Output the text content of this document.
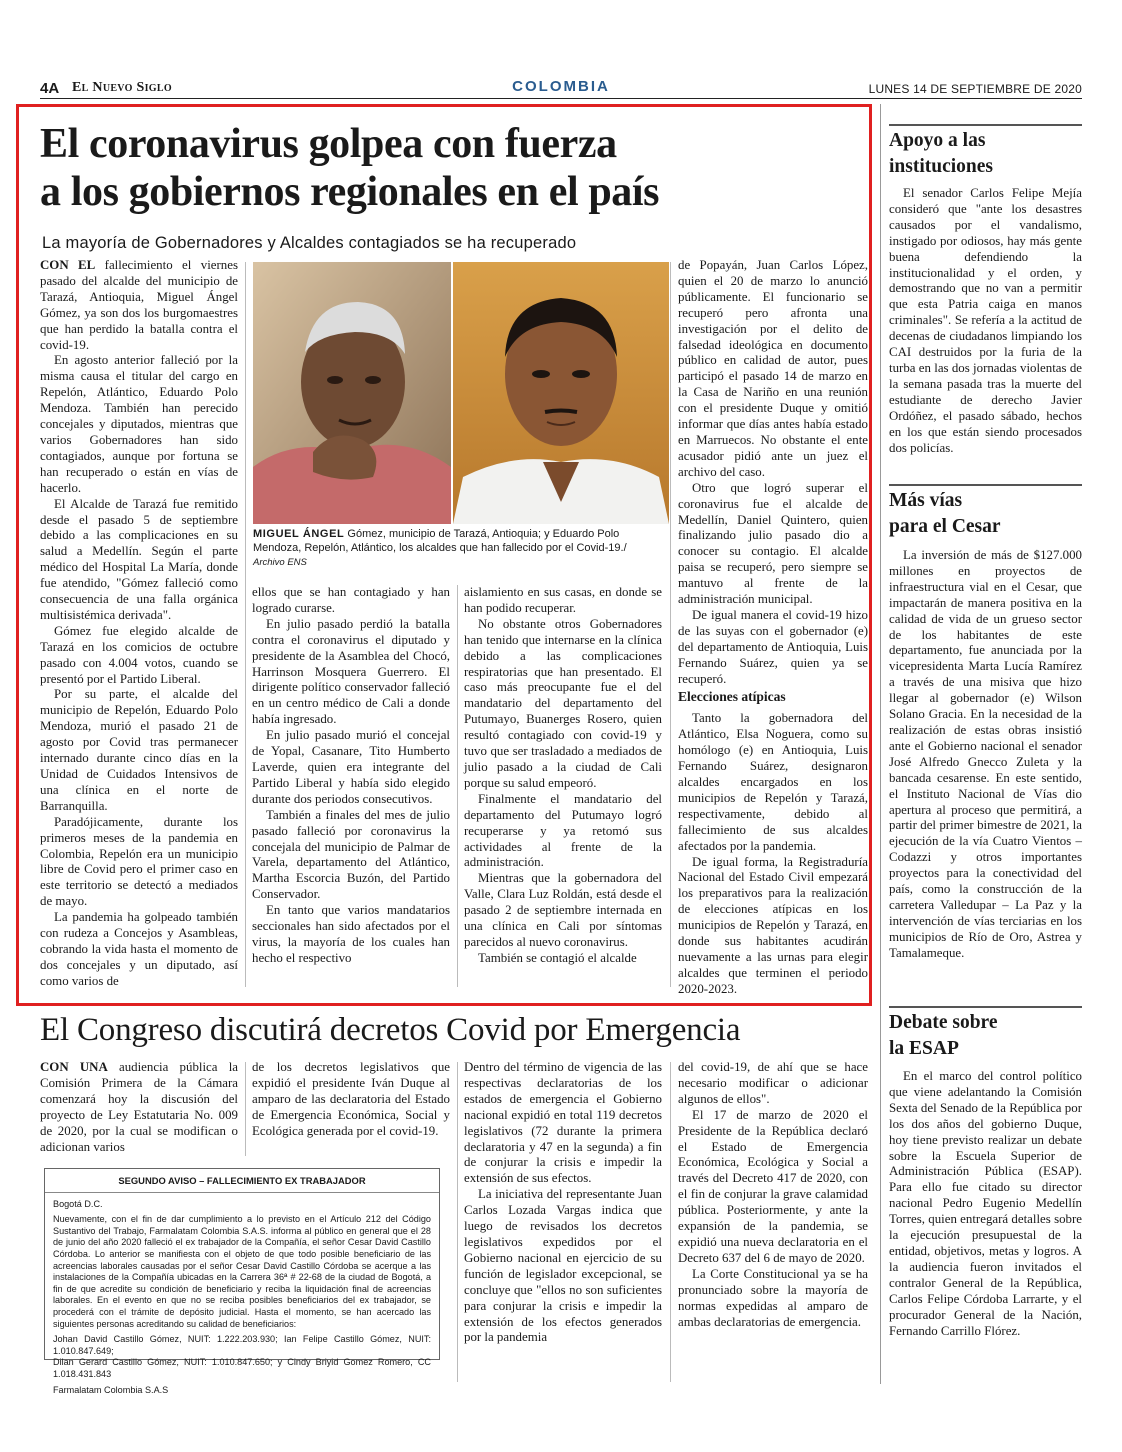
4A El Nuevo Siglo	COLOMBIA	LUNES 14 DE SEPTIEMBRE DE 2020
El coronavirus golpea con fuerza
a los gobiernos regionales en el país
La mayoría de Gobernadores y Alcaldes contagiados se ha recuperado

CON EL fallecimiento el viernes pasado del alcalde del municipio de Tarazá, Antioquia, Miguel Ángel Gómez, ya son dos los burgomaestres que han perdido la batalla contra el covid-19.

En agosto anterior falleció por la misma causa el titular del cargo en Repelón, Atlántico, Eduardo Polo Mendoza. También han perecido concejales y diputados, mientras que varios Gobernadores han sido contagiados, aunque por fortuna se han recuperado o están en vías de hacerlo.

El Alcalde de Tarazá fue remitido desde el pasado 5 de septiembre debido a las complicaciones en su salud a Medellín. Según el parte médico del Hospital La María, donde fue atendido, "Gómez falleció como consecuencia de una falla orgánica multisistémica derivada".

Gómez fue elegido alcalde de Tarazá en los comicios de octubre pasado con 4.004 votos, cuando se presentó por el Partido Liberal.

Por su parte, el alcalde del municipio de Repelón, Eduardo Polo Mendoza, murió el pasado 21 de agosto por Covid tras permanecer internado durante cinco días en la Unidad de Cuidados Intensivos de una clínica en el norte de Barranquilla.

Paradójicamente, durante los primeros meses de la pandemia en Colombia, Repelón era un municipio libre de Covid pero el primer caso en este territorio se detectó a mediados de mayo.

La pandemia ha golpeado también con rudeza a Concejos y Asambleas, cobrando la vida hasta el momento de dos concejales y un diputado, así como varios de

MIGUEL ÁNGEL Gómez, municipio de Tarazá, Antioquia; y Eduardo Polo Mendoza, Repelón, Atlántico, los alcaldes que han fallecido por el Covid-19./
Archivo ENS

ellos que se han contagiado y han logrado curarse.

En julio pasado perdió la batalla contra el coronavirus el diputado y presidente de la Asamblea del Chocó, Harrinson Mosquera Guerrero. El dirigente político conservador falleció en un centro médico de Cali a donde había ingresado.

En julio pasado murió el concejal de Yopal, Casanare, Tito Humberto Laverde, quien era integrante del Partido Liberal y había sido elegido durante dos periodos consecutivos.

También a finales del mes de julio pasado falleció por coronavirus la concejala del municipio de Palmar de Varela, departamento del Atlántico, Martha Escorcia Buzón, del Partido Conservador.

En tanto que varios mandatarios seccionales han sido afectados por el virus, la mayoría de los cuales han hecho el respectivo

aislamiento en sus casas, en donde se han podido recuperar.

No obstante otros Gobernadores han tenido que internarse en la clínica debido a las complicaciones respiratorias que han presentado. El caso más preocupante fue el del mandatario del departamento del Putumayo, Buanerges Rosero, quien resultó contagiado con covid-19 y tuvo que ser trasladado a mediados de julio pasado a la ciudad de Cali porque su salud empeoró.

Finalmente el mandatario del departamento del Putumayo logró recuperarse y ya retomó sus actividades al frente de la administración.

Mientras que la gobernadora del Valle, Clara Luz Roldán, está desde el pasado 2 de septiembre internada en una clínica en Cali por síntomas parecidos al nuevo coronavirus.

También se contagió el alcalde

de Popayán, Juan Carlos López, quien el 20 de marzo lo anunció públicamente. El funcionario se recuperó pero afronta una investigación por el delito de falsedad ideológica en documento público en calidad de autor, pues participó el pasado 14 de marzo en la Casa de Nariño en una reunión con el presidente Duque y omitió informar que días antes había estado en Marruecos. No obstante el ente acusador pidió ante un juez el archivo del caso.

Otro que logró superar el coronavirus fue el alcalde de Medellín, Daniel Quintero, quien finalizando julio pasado dio a conocer su contagio. El alcalde paisa se recuperó, pero siempre se mantuvo al frente de la administración municipal.

De igual manera el covid-19 hizo de las suyas con el gobernador (e) del departamento de Antioquia, Luis Fernando Suárez, quien ya se recuperó.

Elecciones atípicas

Tanto la gobernadora del Atlántico, Elsa Noguera, como su homólogo (e) en Antioquia, Luis Fernando Suárez, designaron alcaldes encargados en los municipios de Repelón y Tarazá, respectivamente, debido al fallecimiento de sus alcaldes afectados por la pandemia.

De igual forma, la Registraduría Nacional del Estado Civil empezará los preparativos para la realización de elecciones atípicas en los municipios de Repelón y Tarazá, en donde sus habitantes acudirán nuevamente a las urnas para elegir alcaldes que terminen el periodo 2020-2023.

Apoyo a las
instituciones

El senador Carlos Felipe Mejía consideró que "ante los desastres causados por el vandalismo, instigado por odiosos, hay más gente buena defendiendo la institucionalidad y el orden, y demostrando que no van a permitir que esta Patria caiga en manos criminales". Se refería a la actitud de decenas de ciudadanos limpiando los CAI destruidos por la furia de la turba en las dos jornadas violentas de la semana pasada tras la muerte del estudiante de derecho Javier Ordóñez, el pasado sábado, hechos en los que están siendo procesados dos policías.

Más vías
para el Cesar

La inversión de más de $127.000 millones en proyectos de infraestructura vial en el Cesar, que impactarán de manera positiva en la calidad de vida de un grueso sector de los habitantes de este departamento, fue anunciada por la vicepresidenta Marta Lucía Ramírez a través de una misiva que hizo llegar al gobernador (e) Wilson Solano Gracia. En la necesidad de la realización de estas obras insistió ante el Gobierno nacional el senador José Alfredo Gnecco Zuleta y la bancada cesarense. En este sentido, el Instituto Nacional de Vías dio apertura al proceso que permitirá, a partir del primer bimestre de 2021, la ejecución de la vía Cuatro Vientos – Codazzi y otros importantes proyectos para la conectividad del país, como la construcción de la carretera Valledupar – La Paz y la intervención de vías terciarias en los municipios de Río de Oro, Astrea y Tamalameque.

Debate sobre
la ESAP

En el marco del control político que viene adelantando la Comisión Sexta del Senado de la República por los dos años del gobierno Duque, hoy tiene previsto realizar un debate sobre la Escuela Superior de Administración Pública (ESAP). Para ello fue citado su director nacional Pedro Eugenio Medellín Torres, quien entregará detalles sobre la ejecución presupuestal de la entidad, objetivos, metas y logros. A la audiencia fueron invitados el contralor General de la República, Carlos Felipe Córdoba Larrarte, y el procurador General de la Nación, Fernando Carrillo Flórez.

El Congreso discutirá decretos Covid por Emergencia

CON UNA audiencia pública la Comisión Primera de la Cámara comenzará hoy la discusión del proyecto de Ley Estatutaria No. 009 de 2020, por la cual se modifican o adicionan varios

de los decretos legislativos que expidió el presidente Iván Duque al amparo de las declaratoria del Estado de Emergencia Económica, Social y Ecológica generada por el covid-19.

Dentro del término de vigencia de las respectivas declaratorias de los estados de emergencia el Gobierno nacional expidió en total 119 decretos legislativos (72 durante la primera declaratoria y 47 en la segunda) a fin de conjurar la crisis e impedir la extensión de sus efectos.

La iniciativa del representante Juan Carlos Lozada Vargas indica que luego de revisados los decretos legislativos expedidos por el Gobierno nacional en ejercicio de su función de legislador excepcional, se concluye que "ellos no son suficientes para conjurar la crisis e impedir la extensión de los efectos generados por la pandemia

del covid-19, de ahí que se hace necesario modificar o adicionar algunos de ellos".

El 17 de marzo de 2020 el Presidente de la República declaró el Estado de Emergencia Económica, Ecológica y Social a través del Decreto 417 de 2020, con el fin de conjurar la grave calamidad pública. Posteriormente, y ante la expansión de la pandemia, se expidió una nueva declaratoria en el Decreto 637 del 6 de mayo de 2020.

La Corte Constitucional ya se ha pronunciado sobre la mayoría de normas expedidas al amparo de ambas declaratorias de emergencia.

SEGUNDO AVISO – FALLECIMIENTO EX TRABAJADOR

Bogotá D.C.

Nuevamente, con el fin de dar cumplimiento a lo previsto en el Artículo 212 del Código Sustantivo del Trabajo, Farmalatam Colombia S.A.S. informa al público en general que el 28 de junio del año 2020 falleció el ex trabajador de la Compañía, el señor Cesar David Castillo Córdoba. Lo anterior se manifiesta con el objeto de que todo posible beneficiario de las acreencias laborales causadas por el señor Cesar David Castillo Córdoba se acerque a las instalaciones de la Compañía ubicadas en la Carrera 36ª # 22-68 de la ciudad de Bogotá, a fin de que acredite su condición de beneficiario y reciba la liquidación final de acreencias laborales. En el evento en que no se reciba posibles beneficiarios del ex trabajador, se procederá con el trámite de depósito judicial. Hasta el momento, se han acercado las siguientes personas acreditando su calidad de beneficiarios:

Johan David Castillo Gómez, NUIT: 1.222.203.930; Ian Felipe Castillo Gómez, NUIT: 1.010.847.649;
Dilan Gerard Castillo Gómez, NUIT: 1.010.847.650; y Cindy Briyid Gomez Romero, CC 1.018.431.843

Farmalatam Colombia S.A.S
